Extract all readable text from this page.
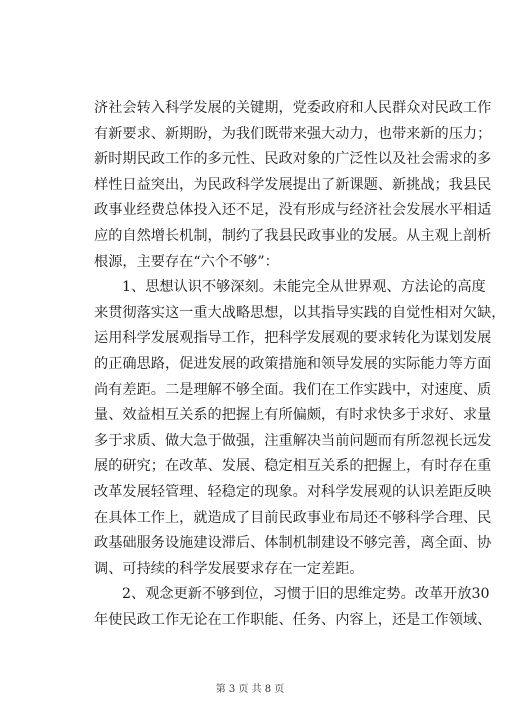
济社会转入科学发展的关键期，党委政府和人民群众对民政工作
有新要求、新期盼，为我们既带来强大动力，也带来新的压力；
新时期民政工作的多元性、民政对象的广泛性以及社会需求的多
样性日益突出，为民政科学发展提出了新课题、新挑战；我县民
政事业经费总体投入还不足，没有形成与经济社会发展水平相适
应的自然增长机制，制约了我县民政事业的发展。从主观上剖析
根源，主要存在“六个不够”：
1、思想认识不够深刻。未能完全从世界观、方法论的高度
来贯彻落实这一重大战略思想，以其指导实践的自觉性相对欠缺，
运用科学发展观指导工作，把科学发展观的要求转化为谋划发展
的正确思路，促进发展的政策措施和领导发展的实际能力等方面
尚有差距。二是理解不够全面。我们在工作实践中，对速度、质
量、效益相互关系的把握上有所偏颇，有时求快多于求好、求量
多于求质、做大急于做强，注重解决当前问题而有所忽视长远发
展的研究；在改革、发展、稳定相互关系的把握上，有时存在重
改革发展轻管理、轻稳定的现象。对科学发展观的认识差距反映
在具体工作上，就造成了目前民政事业布局还不够科学合理、民
政基础服务设施建设滞后、体制机制建设不够完善，离全面、协
调、可持续的科学发展要求存在一定差距。
2、观念更新不够到位，习惯于旧的思维定势。改革开放30
年使民政工作无论在工作职能、任务、内容上，还是工作领域、
第 3 页 共 8 页
